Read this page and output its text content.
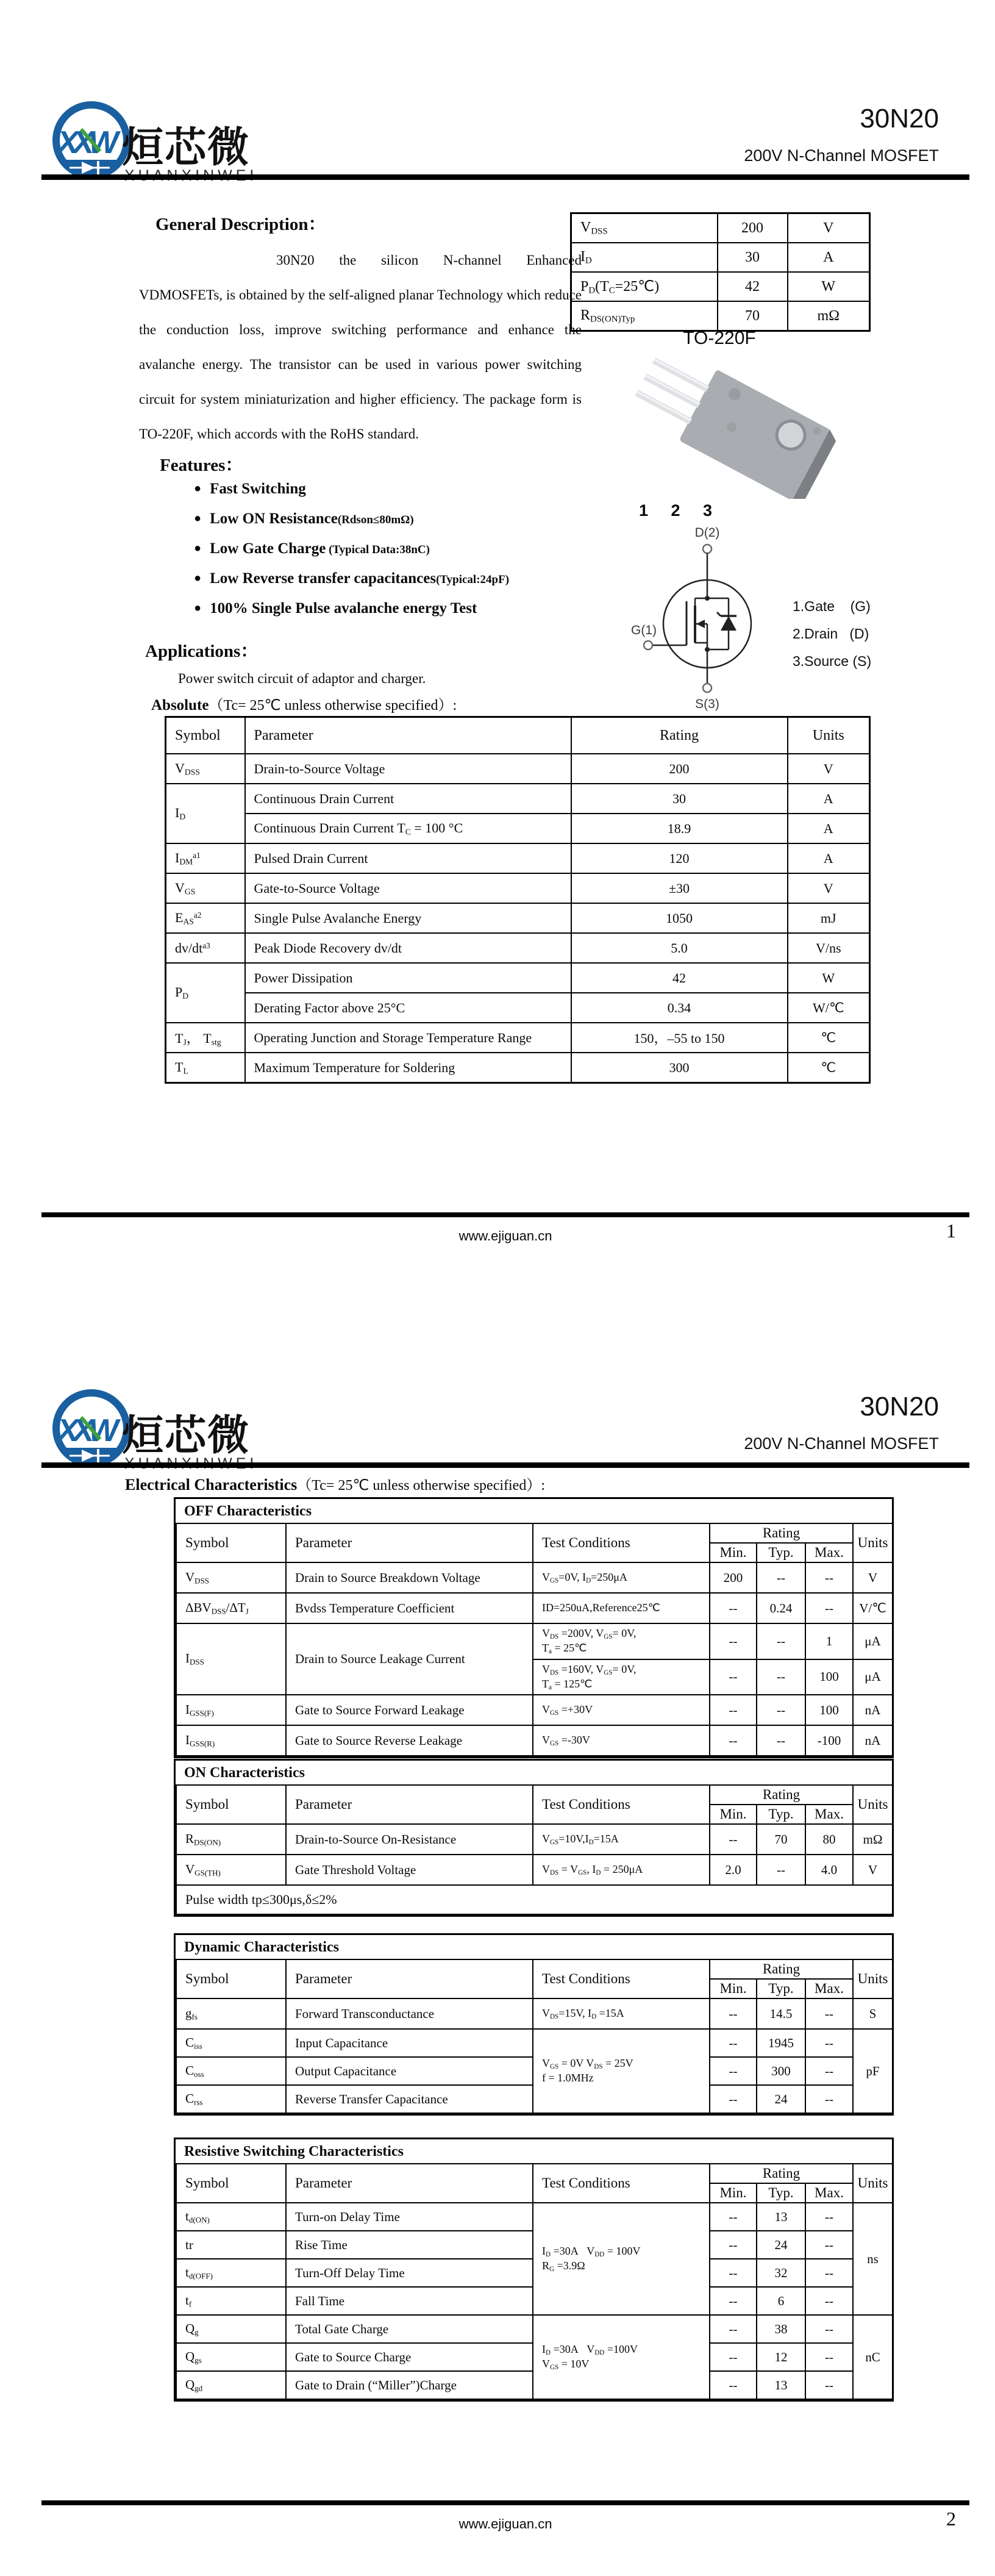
XXW 烜芯微
30N20
200V N-Channel MOSFET
General Description：
30N20 the silicon N-channel Enhanced VDMOSFETs, is obtained by the self-aligned planar Technology which reduce the conduction loss, improve switching performance and enhance the avalanche energy. The transistor can be used in various power switching circuit for system miniaturization and higher efficiency. The package form is TO-220F, which accords with the RoHS standard.
Features：
● Fast Switching
● Low ON Resistance(Rdson≤80mΩ)
● Low Gate Charge (Typical Data:38nC)
● Low Reverse transfer capacitances(Typical:24pF)
● 100% Single Pulse avalanche energy Test
Applications：
Power switch circuit of adaptor and charger.
Absolute（Tc= 25℃ unless otherwise specified）:
Symbol	Parameter	Rating	Units
$V_{DSS}$	Drain-to-Source Voltage	200	V
$I_D$	Continuous Drain Current	30	A
	Continuous Drain Current $T_C = 100$ °C	18.9	A
$I_{DM}^{a1}$	Pulsed Drain Current	120	A
$V_{GS}$	Gate-to-Source Voltage	±30	V
$E_{AS}^{a2}$	Single Pulse Avalanche Energy	1050	mJ
$dv/dt^{a3}$	Peak Diode Recovery dv/dt	5.0	V/ns
$P_D$	Power Dissipation	42	W
	Derating Factor above 25°C	0.34	W/℃
$T_J$， $T_{stg}$	Operating Junction and Storage Temperature Range	150，–55 to 150	℃
$T_L$	Maximum Temperature for Soldering	300	℃
$V_{DSS}$	200	V
$I_D$	30	A
$P_D(T_C=25℃)$	42	W
$R_{DS(ON)Typ}$	70	mΩ
TO-220F
1 2 3
D(2)
G(1)
S(3)
1.Gate    (G)
2.Drain   (D)
3.Source (S)
www.ejiguan.cn	1
XXW 烜芯微
30N20
200V N-Channel MOSFET
Electrical Characteristics（Tc= 25℃ unless otherwise specified）:
OFF Characteristics
Symbol	Parameter	Test Conditions	Rating			Units
			Min.	Typ.	Max.	
$V_{DSS}$	Drain to Source Breakdown Voltage	$V_{GS}=0V$, $I_D=250\mu A$	200	--	--	V
$\Delta BV_{DSS}/\Delta T_J$	Bvdss Temperature Coefficient	ID=250uA,Reference25℃	--	0.24	--	V/℃
$I_{DSS}$	Drain to Source Leakage Current	$V_{DS} =200V$, $V_{GS}= 0V$,
$T_a$ = 25℃	--	--	1	μA
		$V_{DS} =160V$, $V_{GS}= 0V$,
$T_a$ = 125℃	--	--	100	μA
$I_{GSS(F)}$	Gate to Source Forward Leakage	$V_{GS} =+30V$	--	--	100	nA
$I_{GSS(R)}$	Gate to Source Reverse Leakage	$V_{GS} =-30V$	--	--	-100	nA
ON Characteristics
Symbol	Parameter	Test Conditions	Rating			Units
			Min.	Typ.	Max.	
$R_{DS(ON)}$	Drain-to-Source On-Resistance	$V_{GS}=10V,I_D=15A$	--	70	80	mΩ
$V_{GS(TH)}$	Gate Threshold Voltage	$V_{DS} = V_{GS}$, $I_D = 250\mu A$	2.0	--	4.0	V
Pulse width tp≤300μs,δ≤2%						
Dynamic Characteristics
Symbol	Parameter	Test Conditions	Rating			Units
			Min.	Typ.	Max.	
$g_{fs}$	Forward Transconductance	$V_{DS}=15V$, $I_D =15A$	--	14.5	--	S
$C_{iss}$	Input Capacitance	$V_{GS} = 0V$ $V_{DS} = 25V$
f = 1.0MHz	--	1945	--	pF
$C_{oss}$	Output Capacitance		--	300	--	
$C_{rss}$	Reverse Transfer Capacitance		--	24	--	
Resistive Switching Characteristics
Symbol	Parameter	Test Conditions	Rating			Units
			Min.	Typ.	Max.	
$t_{d(ON)}$	Turn-on Delay Time	$I_D =30A$   $V_{DD} = 100V$
$R_G =3.9\Omega$	--	13	--	ns
tr	Rise Time		--	24	--	
$t_{d(OFF)}$	Turn-Off Delay Time		--	32	--	
$t_f$	Fall Time		--	6	--	
$Q_g$	Total Gate Charge	$I_D =30A$   $V_{DD} =100V$
$V_{GS} = 10V$	--	38	--	nC
$Q_{gs}$	Gate to Source Charge		--	12	--	
$Q_{gd}$	Gate to Drain (“Miller”)Charge		--	13	--	
www.ejiguan.cn	2
